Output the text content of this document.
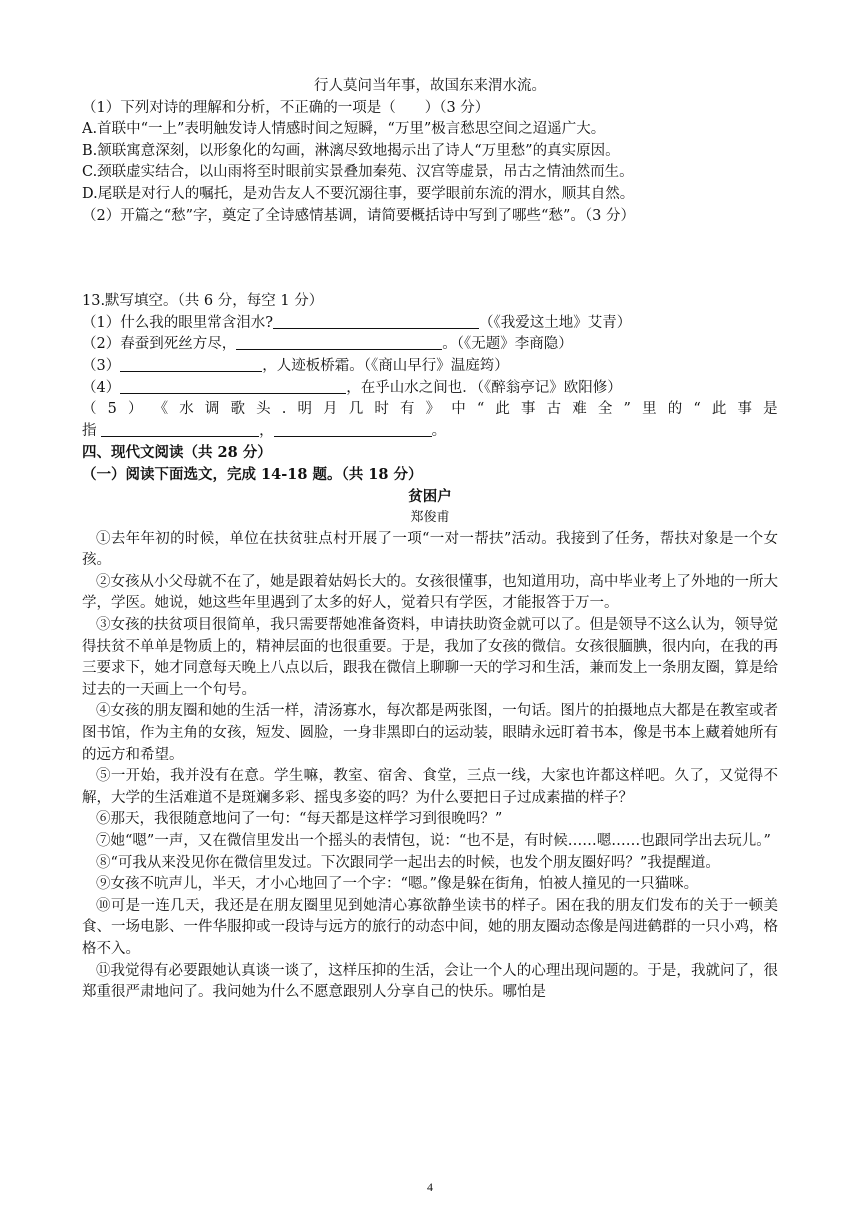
行人莫问当年事，故国东来渭水流。
（1）下列对诗的理解和分析，不正确的一项是（　　）（3 分）
A.首联中“一上”表明触发诗人情感时间之短瞬，“万里”极言愁思空间之迢遥广大。
B.颔联寓意深刻，以形象化的勾画，淋漓尽致地揭示出了诗人“万里愁”的真实原因。
C.颈联虚实结合，以山雨将至时眼前实景叠加秦苑、汉宫等虚景，吊古之情油然而生。
D.尾联是对行人的嘱托，是劝告友人不要沉溺往事，要学眼前东流的渭水，顺其自然。
（2）开篇之“愁”字，奠定了全诗感情基调，请简要概括诗中写到了哪些“愁”。（3 分）
13.默写填空。（共 6 分，每空 1 分）
（1）什么我的眼里常含泪水?	（《我爱这土地》艾青）
（2）春蚕到死丝方尽，	。（《无题》李商隐）
（3）	，人迹板桥霜。（《商山早行》温庭筠）
（4）	，在乎山水之间也．（《醉翁亭记》欧阳修）
（ 5 ） 《 水 调 歌 头 . 明 月 几 时 有 》 中 “ 此 事 古 难 全 ” 里 的 “ 此 事 是
指	，	。
四、现代文阅读（共 28 分）
（一）阅读下面选文，完成 14-18 题。（共 18 分）
贫困户
郑俊甫
①去年年初的时候，单位在扶贫驻点村开展了一项“一对一帮扶”活动。我接到了任务，帮扶对象是一个女孩。
②女孩从小父母就不在了，她是跟着姑妈长大的。女孩很懂事，也知道用功，高中毕业考上了外地的一所大学，学医。她说，她这些年里遇到了太多的好人，觉着只有学医，才能报答于万一。
③女孩的扶贫项目很简单，我只需要帮她准备资料，申请扶助资金就可以了。但是领导不这么认为，领导觉得扶贫不单单是物质上的，精神层面的也很重要。于是，我加了女孩的微信。女孩很腼腆，很内向，在我的再三要求下，她才同意每天晚上八点以后，跟我在微信上聊聊一天的学习和生活，兼而发上一条朋友圈，算是给过去的一天画上一个句号。
④女孩的朋友圈和她的生活一样，清汤寡水，每次都是两张图，一句话。图片的拍摄地点大都是在教室或者图书馆，作为主角的女孩，短发、圆脸，一身非黑即白的运动装，眼睛永远盯着书本，像是书本上藏着她所有的远方和希望。
⑤一开始，我并没有在意。学生嘛，教室、宿舍、食堂，三点一线，大家也许都这样吧。久了，又觉得不解，大学的生活难道不是斑斓多彩、摇曳多姿的吗？为什么要把日子过成素描的样子？
⑥那天，我很随意地问了一句：“每天都是这样学习到很晚吗？”
⑦她“嗯”一声，又在微信里发出一个摇头的表情包，说：“也不是，有时候……嗯……也跟同学出去玩儿。”
⑧“可我从来没见你在微信里发过。下次跟同学一起出去的时候，也发个朋友圈好吗？”我提醒道。
⑨女孩不吭声儿，半天，才小心地回了一个字：“嗯。”像是躲在街角，怕被人撞见的一只猫咪。
⑩可是一连几天，我还是在朋友圈里见到她清心寡欲静坐读书的样子。困在我的朋友们发布的关于一顿美食、一场电影、一件华服抑或一段诗与远方的旅行的动态中间，她的朋友圈动态像是闯进鹤群的一只小鸡，格格不入。
⑪我觉得有必要跟她认真谈一谈了，这样压抑的生活，会让一个人的心理出现问题的。于是，我就问了，很郑重很严肃地问了。我问她为什么不愿意跟别人分享自己的快乐。哪怕是
4
